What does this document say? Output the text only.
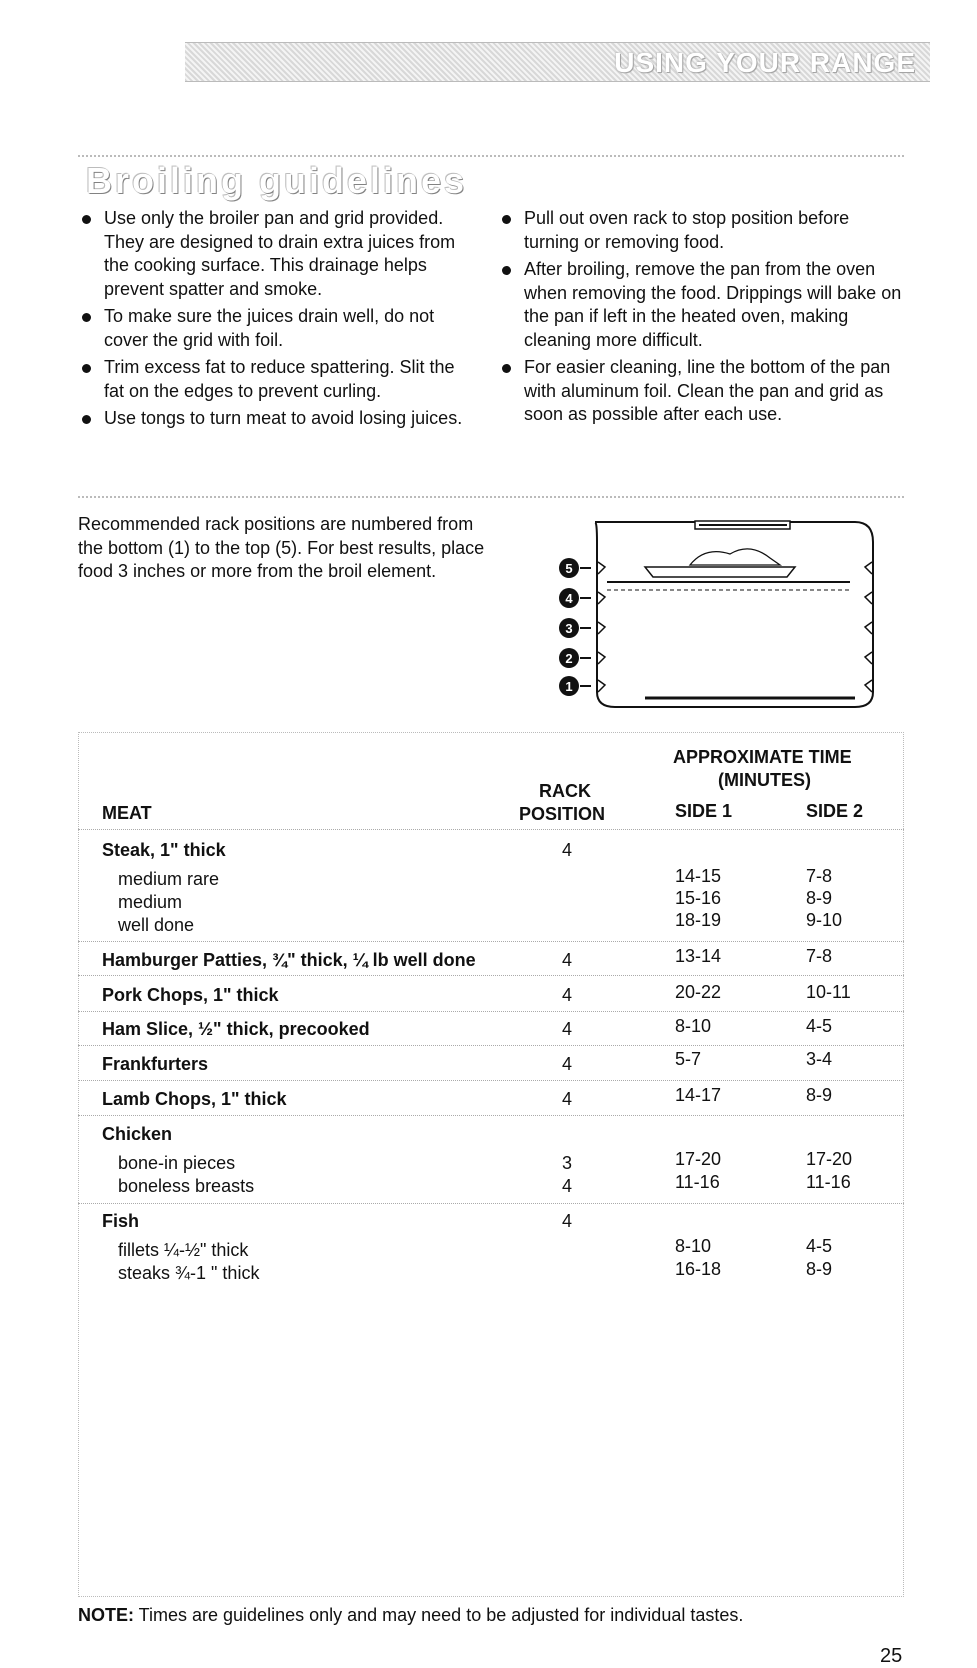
USING YOUR RANGE
Broiling guidelines
Use only the broiler pan and grid provided. They are designed to drain extra juices from the cooking surface. This drainage helps prevent spatter and smoke.
To make sure the juices drain well, do not cover the grid with foil.
Trim excess fat to reduce spattering. Slit the fat on the edges to prevent curling.
Use tongs to turn meat to avoid losing juices.
Pull out oven rack to stop position before turning or removing food.
After broiling, remove the pan from the oven when removing the food. Drippings will bake on the pan if left in the heated oven, making cleaning more difficult.
For easier cleaning, line the bottom of the pan with aluminum foil. Clean the pan and grid as soon as possible after each use.
Recommended rack positions are numbered from the bottom (1) to the top (5). For best results, place food 3 inches or more from the broil element.	5
4
3
2
1
MEAT
RACK
POSITION
APPROXIMATE TIME
(MINUTES)
SIDE 1	SIDE 2
Steak, 1" thick	4
medium rare	14-15	7-8
medium	15-16	8-9
well done	18-19	9-10
Hamburger Patties, ¾" thick, ¼ lb well done	4	13-14	7-8
Pork Chops, 1" thick	4	20-22	10-11
Ham Slice, ½" thick, precooked	4	8-10	4-5
Frankfurters	4	5-7	3-4
Lamb Chops, 1" thick	4	14-17	8-9
Chicken
bone-in pieces	3	17-20	17-20
boneless breasts	4	11-16	11-16
Fish	4
fillets ¼-½" thick	8-10	4-5
steaks ¾-1 " thick	16-18	8-9
NOTE: Times are guidelines only and may need to be adjusted for individual tastes.
25
